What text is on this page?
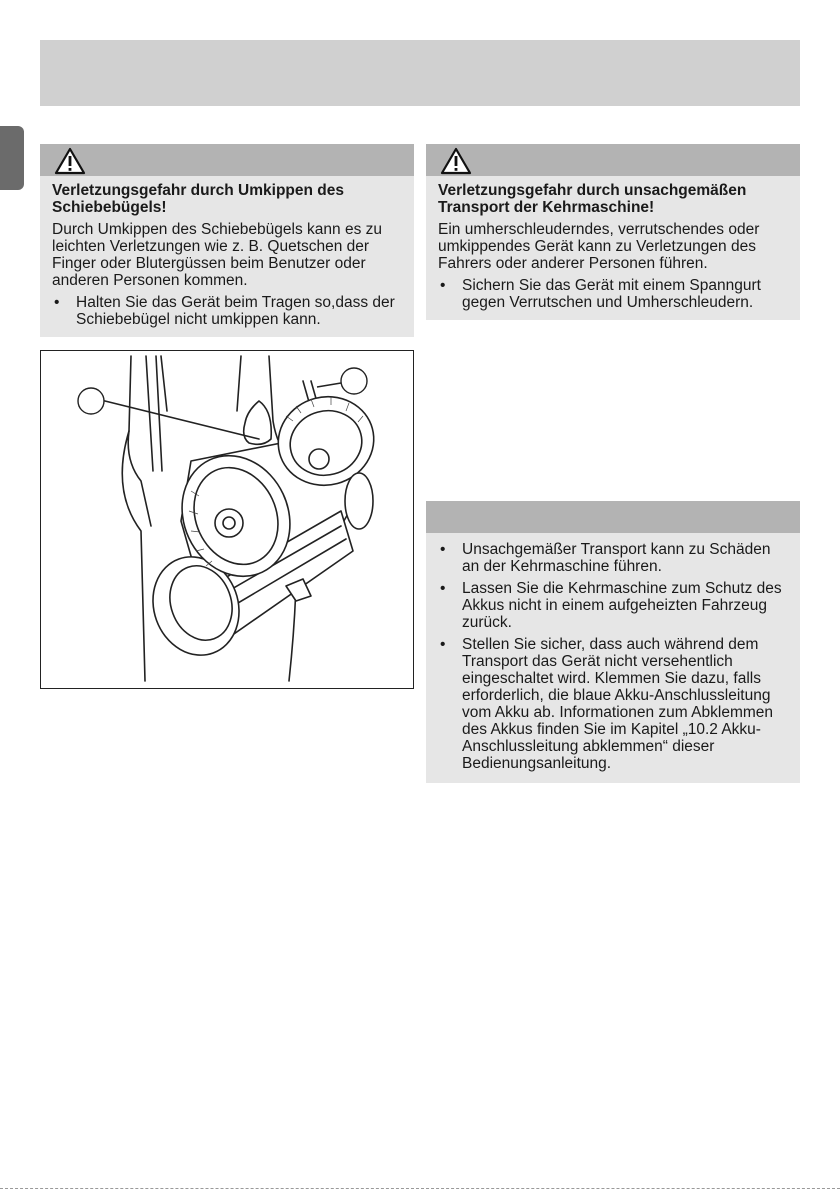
Verletzungsgefahr durch Umkippen des Schiebebügels!

Durch Umkippen des Schiebebügels kann es zu leichten Verletzungen wie z. B. Quetschen der Finger oder Blutergüssen beim Benutzer oder anderen Personen kommen.

• Halten Sie das Gerät beim Tragen so,dass der Schiebebügel nicht umkippen kann.

Verletzungsgefahr durch unsachgemäßen Transport der Kehrmaschine!

Ein umherschleuderndes, verrutschendes oder umkippendes Gerät kann zu Verletzungen des Fahrers oder anderer Personen führen.

• Sichern Sie das Gerät mit einem Spanngurt gegen Verrutschen und Umherschleudern.
• Unsachgemäßer Transport kann zu Schäden an der Kehrmaschine führen.
• Lassen Sie die Kehrmaschine zum Schutz des Akkus nicht in einem aufgeheizten Fahrzeug zurück.
• Stellen Sie sicher, dass auch während dem Transport das Gerät nicht versehentlich eingeschaltet wird. Klemmen Sie dazu, falls erforderlich, die blaue Akku-Anschlussleitung vom Akku ab. Informationen zum Abklemmen des Akkus finden Sie im Kapitel „10.2 Akku-Anschlussleitung abklemmen“ dieser Bedienungsanleitung.
